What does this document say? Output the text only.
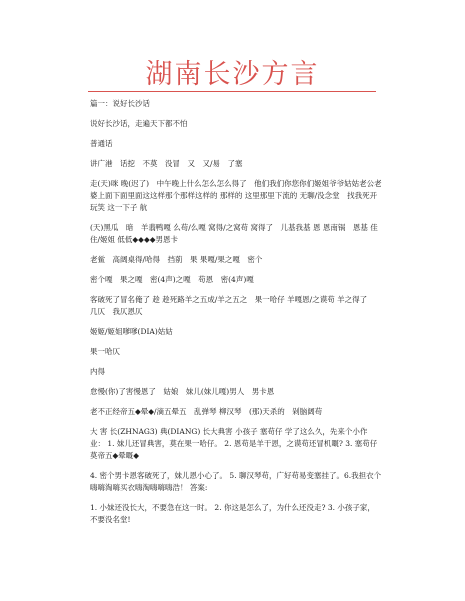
湖南长沙方言

篇一：说好长沙话

说好长沙话，走遍天下都不怕

普通话

讲广港　话挖　不莫　没冒　又　又/易　了塞

走(天)咪 晚(迟了)　中午晚上什么怎么怎么得了　他们我们你您你们姬姐爷爷姑姑老公老婆上面下面里面这这样那个那样这样的 那样的 这里那里下流的 无聊/没念堂　找我死开玩笑 这一下子 航

(天)黑瓜　暗　羊翡鸭嘎 么苟/么嘎 窝得/之窝苟 窝得了　儿基我基 恩 恩南锅　恩基 佳住/姬姐 低低◆◆◆◆男恩卡

老鲎　高阔桌得/哈得　挡莂　果 果嘎/果之嘎　密个

密个嘎　果之嘎　密(4声)之嘎　苟恩　密(4声)嘎

客破死了冒名俺了 趁 趁死路羊之五成/羊之五之　果一哈仔 羊嘎恩/之谟苟 羊之得了　几仄　我仄恩仄

姬姬/姬姐嗲嗲(DIA)姑姑

果一哈仄

内得

怠慢(你)了害慢恩了　姑娘　妹儿(妹儿嘎)男人　男卡恩

老不正经帝五◆晕◆/滴五晕五　乱弹琴 柳汉琴　(那)天杀的　剁脑阔苟

大 害 长(ZHNAG3) 典(DIANG) 长大典害 小孩子 塞苟仔 学了这么久，先来个小作业： 1. 妹儿还冒典害，莫在果一哈仔。 2. 恩苟是羊干恩，之谟苟还冒机嘅? 3. 塞苟仔莫帝五◆晕嘅◆

4. 密个男卡恩客破死了，妹儿恩小心了。 5. 聊汉琴苟，广好苟易变塞挂了。6.我担衣个嗨嗨淘嗨买衣嗨淘嗨嗨嗨浩！ 答案:

1. 小妹还没长大，不要急在这一时。 2. 你这是怎么了，为什么还没走? 3. 小孩子家，不要没名堂!
